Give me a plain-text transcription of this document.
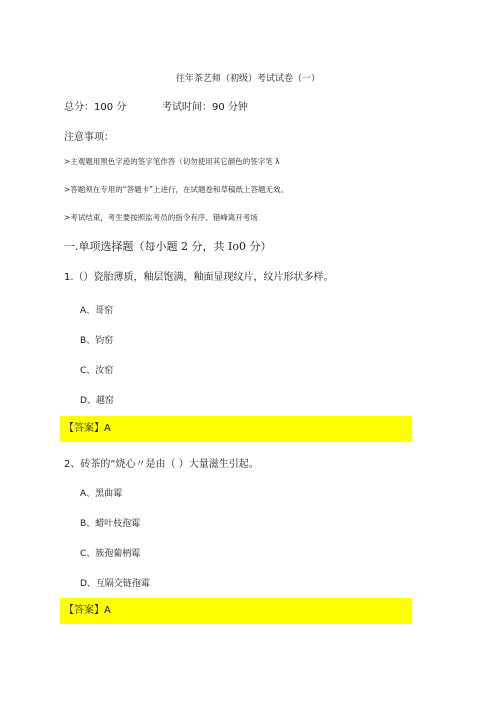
往年茶艺师（初级）考试试卷（一）
总分：100 分	考试时间：90 分钟
注意事项：
>主观题用黑色字迹的签字笔作答（切勿使用其它颜色的签字笔 λ
>答题须在专用的“答题卡”上进行，在试题卷和草稿纸上答题无效。
>考试结束，考生要按照监考员的指令有序、错峰离开考场
一.单项选择题（每小题 2 分，共 Io0 分）
1.（）瓷胎薄质，釉层饱满，釉面显现纹片，纹片形状多样。
A、哥窑
B、钧窑
C、汝窑
D、越窑
【答案】A
2、砖茶的“烧心〃是由（ ）大量滋生引起。
A、黑曲霉
B、蜡叶枝孢霉
C、簇孢葡柄霉
D、互隔交链孢霉
【答案】A
